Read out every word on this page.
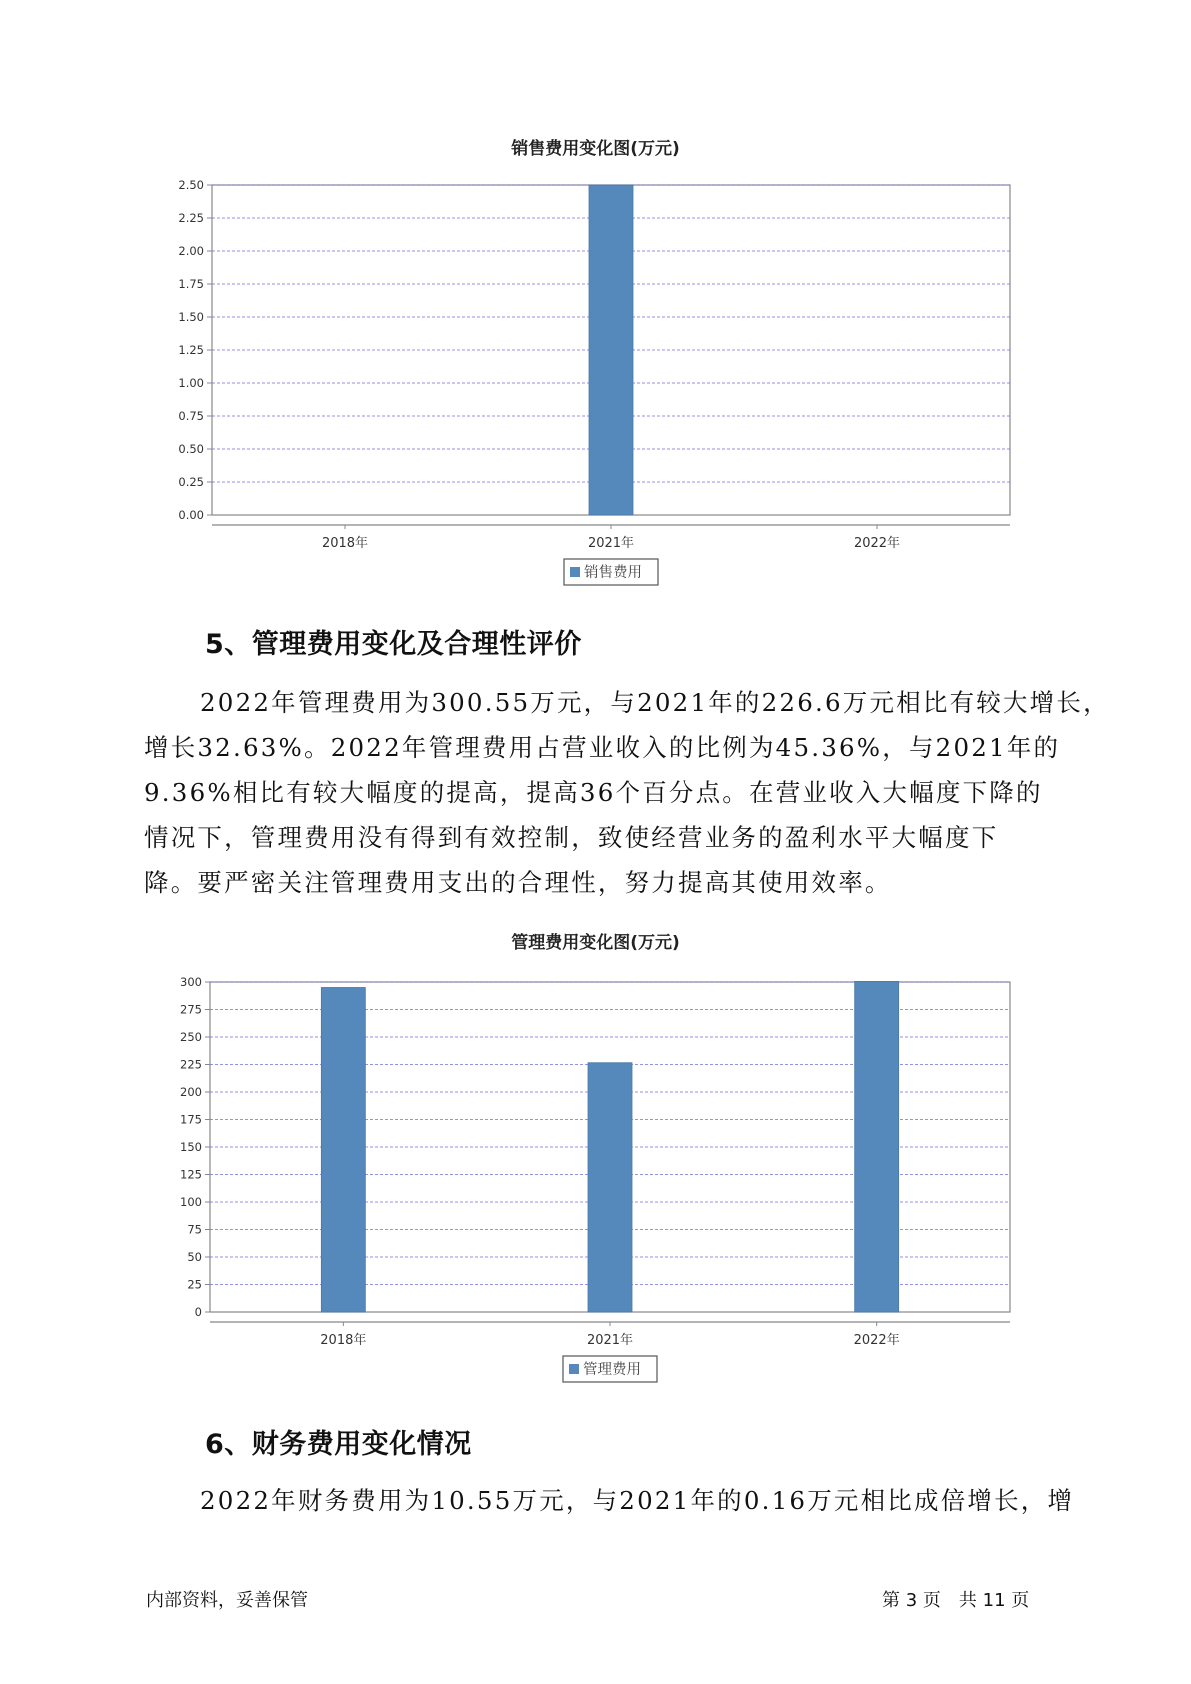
销售费用变化图(万元)
0.00
0.25
0.50
0.75
1.00
1.25
1.50
1.75
2.00
2.25
2.50
2018年	2021年	2022年
销售费用
5、管理费用变化及合理性评价

2022年管理费用为300.55万元，与2021年的226.6万元相比有较大增长，

增长32.63%。2022年管理费用占营业收入的比例为45.36%，与2021年的

9.36%相比有较大幅度的提高，提高36个百分点。在营业收入大幅度下降的

情况下，管理费用没有得到有效控制，致使经营业务的盈利水平大幅度下

降。要严密关注管理费用支出的合理性，努力提高其使用效率。

管理费用变化图(万元)
0
25
50
75
100
125
150
175
200
225
250
275
300
2018年	2021年	2022年
管理费用
6、财务费用变化情况

2022年财务费用为10.55万元，与2021年的0.16万元相比成倍增长，增

内部资料，妥善保管	第 3 页　共 11 页
